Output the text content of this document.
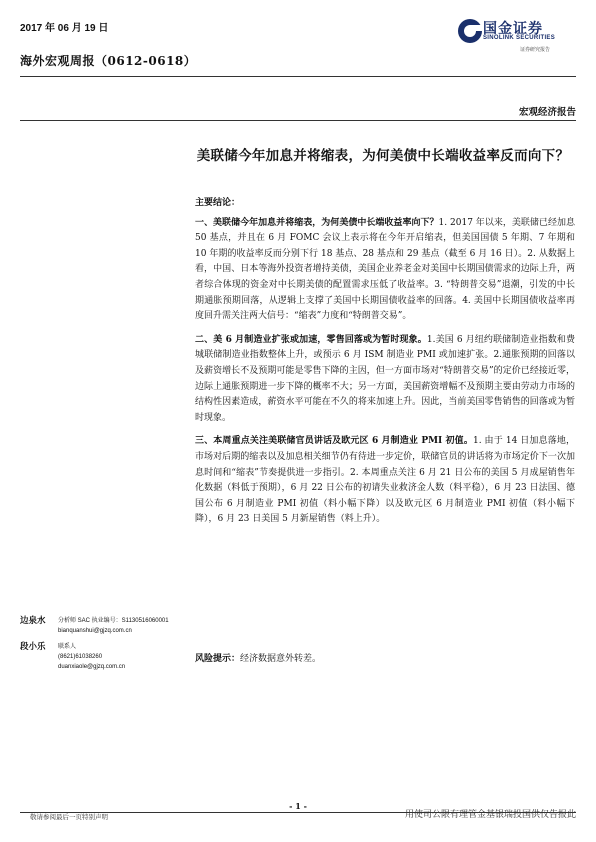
2017 年 06 月 19 日
海外宏观周报（0612-0618）
国金证券
SINOLINK SECURITIES
证券研究报告
宏观经济报告
美联储今年加息并将缩表，为何美债中长端收益率反而向下？

主要结论：

一、美联储今年加息并将缩表，为何美债中长端收益率向下？1. 2017 年以来，美联储已经加息 50 基点，并且在 6 月 FOMC 会议上表示将在今年开启缩表，但美国国债 5 年期、7 年期和 10 年期的收益率反而分别下行 18 基点、28 基点和 29 基点（截至 6 月 16 日）。2. 从数据上看，中国、日本等海外投资者增持美债，美国企业养老金对美国中长期国债需求的边际上升，两者综合体现的资金对中长期美债的配置需求压低了收益率。3. “特朗普交易”退潮，引发的中长期通胀预期回落，从逻辑上支撑了美国中长期国债收益率的回落。4. 美国中长期国债收益率再度回升需关注两大信号：“缩表”力度和“特朗普交易”。

二、美 6 月制造业扩张或加速，零售回落或为暂时现象。1.美国 6 月纽约联储制造业指数和费城联储制造业指数整体上升，或预示 6 月 ISM 制造业 PMI 或加速扩张。2.通胀预期的回落以及薪资增长不及预期可能是零售下降的主因，但一方面市场对“特朗普交易”的定价已经接近零，边际上通胀预期进一步下降的概率不大；另一方面，美国薪资增幅不及预期主要由劳动力市场的结构性因素造成，薪资水平可能在不久的将来加速上升。因此，当前美国零售销售的回落或为暂时现象。

三、本周重点关注美联储官员讲话及欧元区 6 月制造业 PMI 初值。1. 由于 14 日加息落地，市场对后期的缩表以及加息相关细节仍有待进一步定价，联储官员的讲话将为市场定价下一次加息时间和“缩表”节奏提供进一步指引。2. 本周重点关注 6 月 21 日公布的美国 5 月成屋销售年化数据（料低于预期），6 月 22 日公布的初请失业救济金人数（料平稳），6 月 23 日法国、德国公布 6 月制造业 PMI 初值（料小幅下降）以及欧元区 6 月制造业 PMI 初值（料小幅下降），6 月 23 日美国 5 月新屋销售（料上升）。

边泉水 分析师 SAC 执业编号：S1130516060001
bianquanshui@gjzq.com.cn
段小乐 联系人
(8621)61038260
duanxiaole@gjzq.com.cn
风险提示：经济数据意外转差。
- 1 -
敬请参阅最后一页特别声明	用使司公限有理管金基银瑞投国供仅告报此
